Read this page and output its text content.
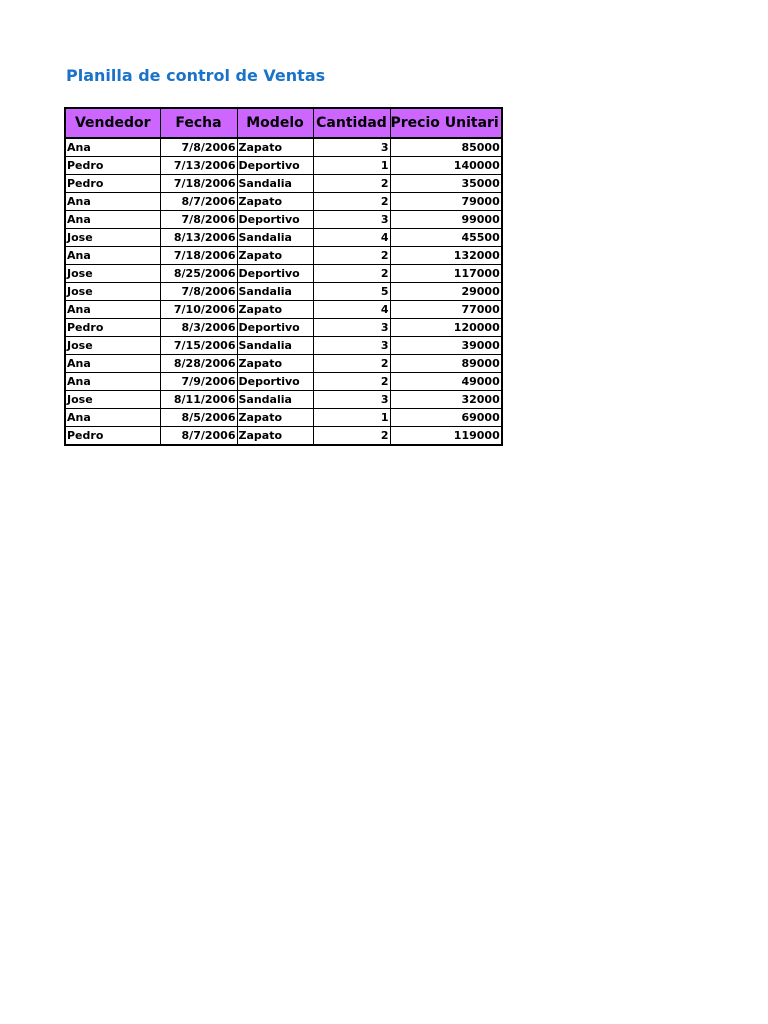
Planilla de control de Ventas
Vendedor	Fecha	Modelo	Cantidad	Precio Unitari
Ana	7/8/2006	Zapato	3	85000
Pedro	7/13/2006	Deportivo	1	140000
Pedro	7/18/2006	Sandalia	2	35000
Ana	8/7/2006	Zapato	2	79000
Ana	7/8/2006	Deportivo	3	99000
Jose	8/13/2006	Sandalia	4	45500
Ana	7/18/2006	Zapato	2	132000
Jose	8/25/2006	Deportivo	2	117000
Jose	7/8/2006	Sandalia	5	29000
Ana	7/10/2006	Zapato	4	77000
Pedro	8/3/2006	Deportivo	3	120000
Jose	7/15/2006	Sandalia	3	39000
Ana	8/28/2006	Zapato	2	89000
Ana	7/9/2006	Deportivo	2	49000
Jose	8/11/2006	Sandalia	3	32000
Ana	8/5/2006	Zapato	1	69000
Pedro	8/7/2006	Zapato	2	119000
